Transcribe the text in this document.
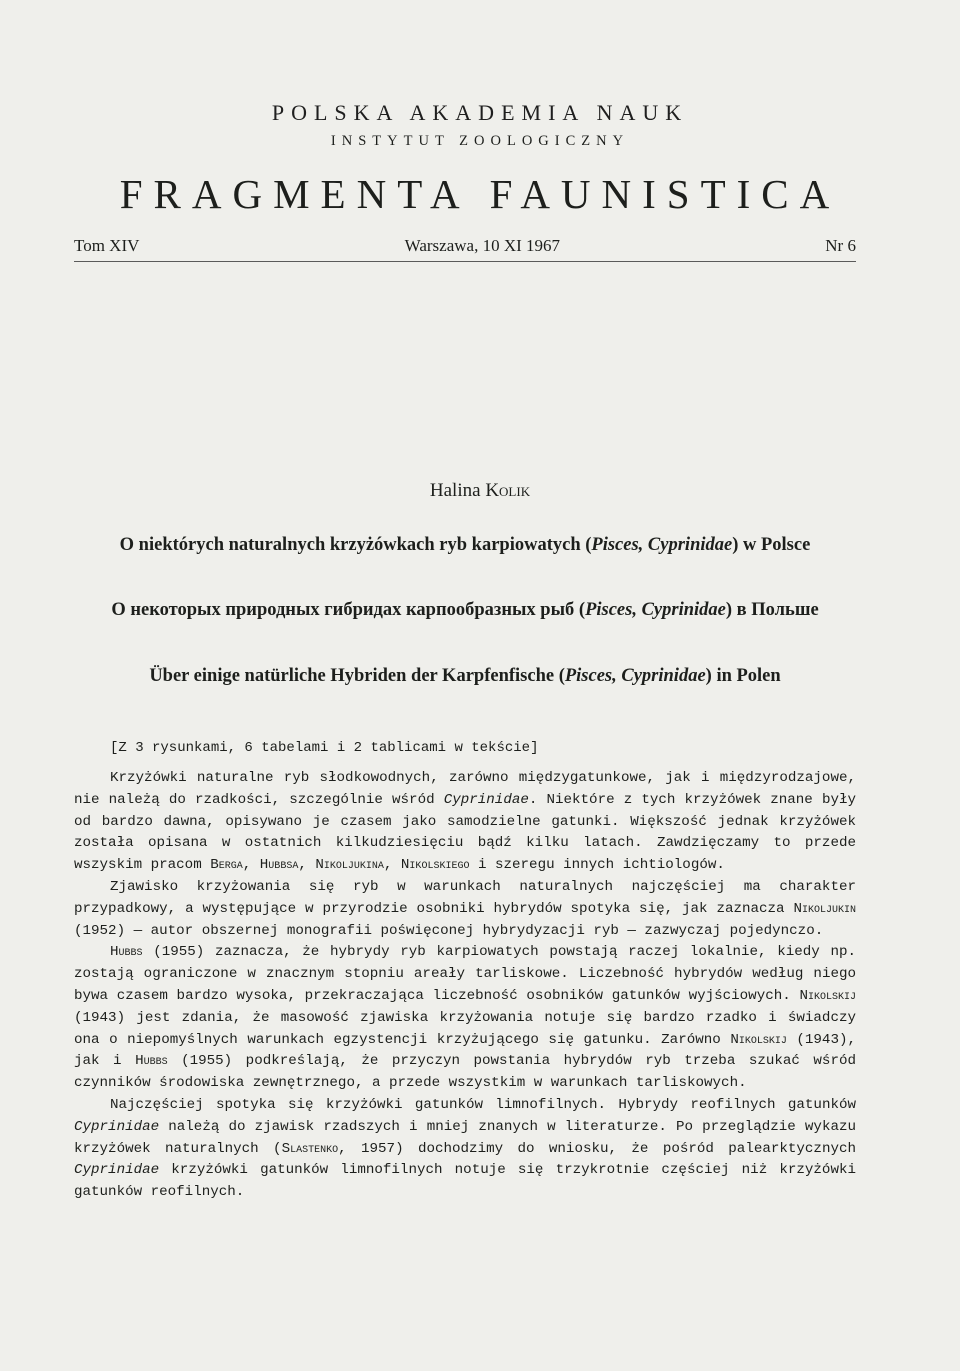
POLSKA AKADEMIA NAUK
INSTYTUT ZOOLOGICZNY
FRAGMENTA FAUNISTICA
Tom XIV	Warszawa, 10 XI 1967	Nr 6
Halina Kolik
O niektórych naturalnych krzyżówkach ryb karpiowatych (Pisces, Cyprinidae) w Polsce
О некоторых природных гибридах карпообразных рыб (Pisces, Cyprinidae) в Польше
Über einige natürliche Hybriden der Karpfenfische (Pisces, Cyprinidae) in Polen
[Z 3 rysunkami, 6 tabelami i 2 tablicami w tekście]

Krzyżówki naturalne ryb słodkowodnych, zarówno międzygatunkowe, jak i międzyrodzajowe, nie należą do rzadkości, szczególnie wśród Cyprinidae. Niektóre z tych krzyżówek znane były od bardzo dawna, opisywano je czasem jako samodzielne gatunki. Większość jednak krzyżówek została opisana w ostatnich kilkudziesięciu bądź kilku latach. Zawdzięczamy to przede wszyskim pracom Berga, Hubbsa, Nikoljukina, Nikolskiego i szeregu innych ichtiologów.

Zjawisko krzyżowania się ryb w warunkach naturalnych najczęściej ma charakter przypadkowy, a występujące w przyrodzie osobniki hybrydów spotyka się, jak zaznacza Nikoljukin (1952) — autor obszernej monografii poświęconej hybrydyzacji ryb — zazwyczaj pojedynczo.

Hubbs (1955) zaznacza, że hybrydy ryb karpiowatych powstają raczej lokalnie, kiedy np. zostają ograniczone w znacznym stopniu areały tarliskowe. Liczebność hybrydów według niego bywa czasem bardzo wysoka, przekraczająca liczebność osobników gatunków wyjściowych. Nikolskij (1943) jest zdania, że masowość zjawiska krzyżowania notuje się bardzo rzadko i świadczy ona o niepomyślnych warunkach egzystencji krzyżującego się gatunku. Zarówno Nikolskij (1943), jak i Hubbs (1955) podkreślają, że przyczyn powstania hybrydów ryb trzeba szukać wśród czynników środowiska zewnętrznego, a przede wszystkim w warunkach tarliskowych.

Najczęściej spotyka się krzyżówki gatunków limnofilnych. Hybrydy reofilnych gatunków Cyprinidae należą do zjawisk rzadszych i mniej znanych w literaturze. Po przeglądzie wykazu krzyżówek naturalnych (Slastenko, 1957) dochodzimy do wniosku, że pośród palearktycznych Cyprinidae krzyżówki gatunków limnofilnych notuje się trzykrotnie częściej niż krzyżówki gatunków reofilnych.
